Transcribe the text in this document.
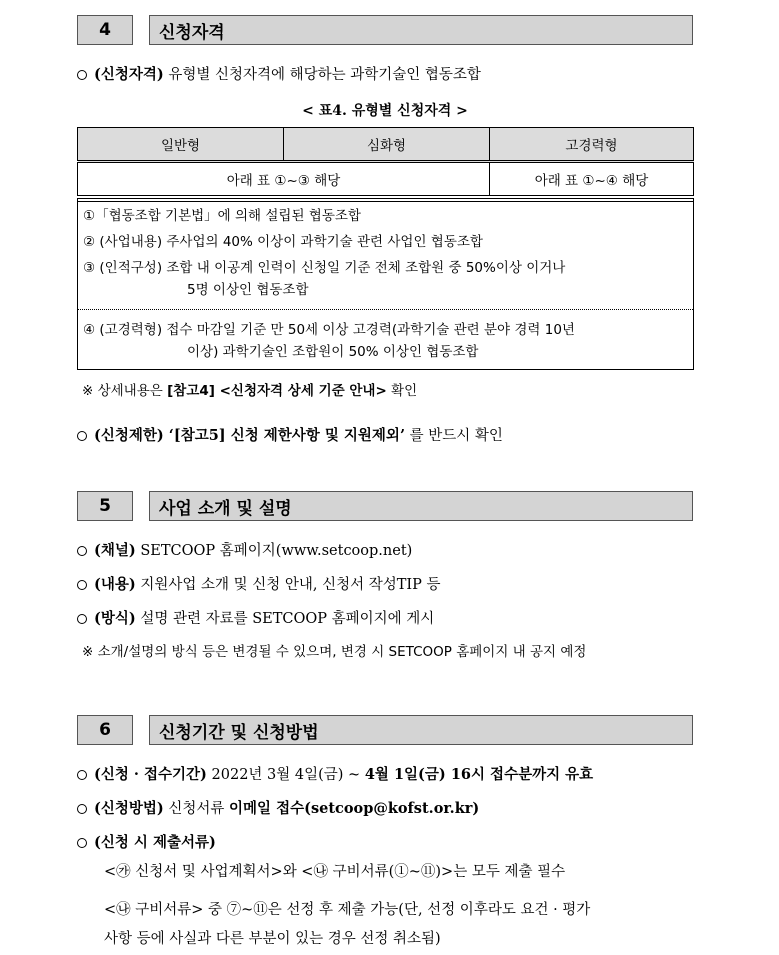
4	신청자격
(신청자격) 유형별 신청자격에 해당하는 과학기술인 협동조합
< 표4. 유형별 신청자격 >
일반형	심화형	고경력형
아래 표 ①~③ 해당		아래 표 ①~④ 해당
①「협동조합 기본법」에 의해 설립된 협동조합
② (사업내용) 주사업의 40% 이상이 과학기술 관련 사업인 협동조합
③ (인적구성) 조합 내 이공계 인력이 신청일 기준 전체 조합원 중 50%이상 이거나
5명 이상인 협동조합
④ (고경력형) 접수 마감일 기준 만 50세 이상 고경력(과학기술 관련 분야 경력 10년
이상) 과학기술인 조합원이 50% 이상인 협동조합
※ 상세내용은 [참고4] <신청자격 상세 기준 안내> 확인
(신청제한) ‘[참고5] 신청 제한사항 및 지원제외’ 를 반드시 확인
5	사업 소개 및 설명
(채널) SETCOOP 홈페이지(www.setcoop.net)
(내용) 지원사업 소개 및 신청 안내, 신청서 작성TIP 등
(방식) 설명 관련 자료를 SETCOOP 홈페이지에 게시
※ 소개/설명의 방식 등은 변경될 수 있으며, 변경 시 SETCOOP 홈페이지 내 공지 예정
6	신청기간 및 신청방법
(신청 · 접수기간) 2022년 3월 4일(금) ~ 4월 1일(금) 16시 접수분까지 유효
(신청방법) 신청서류 이메일 접수(setcoop@kofst.or.kr)
(신청 시 제출서류)
<㉮ 신청서 및 사업계획서>와 <㉯ 구비서류(①~⑪)>는 모두 제출 필수
<㉯ 구비서류> 중 ⑦~⑪은 선정 후 제출 가능(단, 선정 이후라도 요건 · 평가
사항 등에 사실과 다른 부분이 있는 경우 선정 취소됨)
